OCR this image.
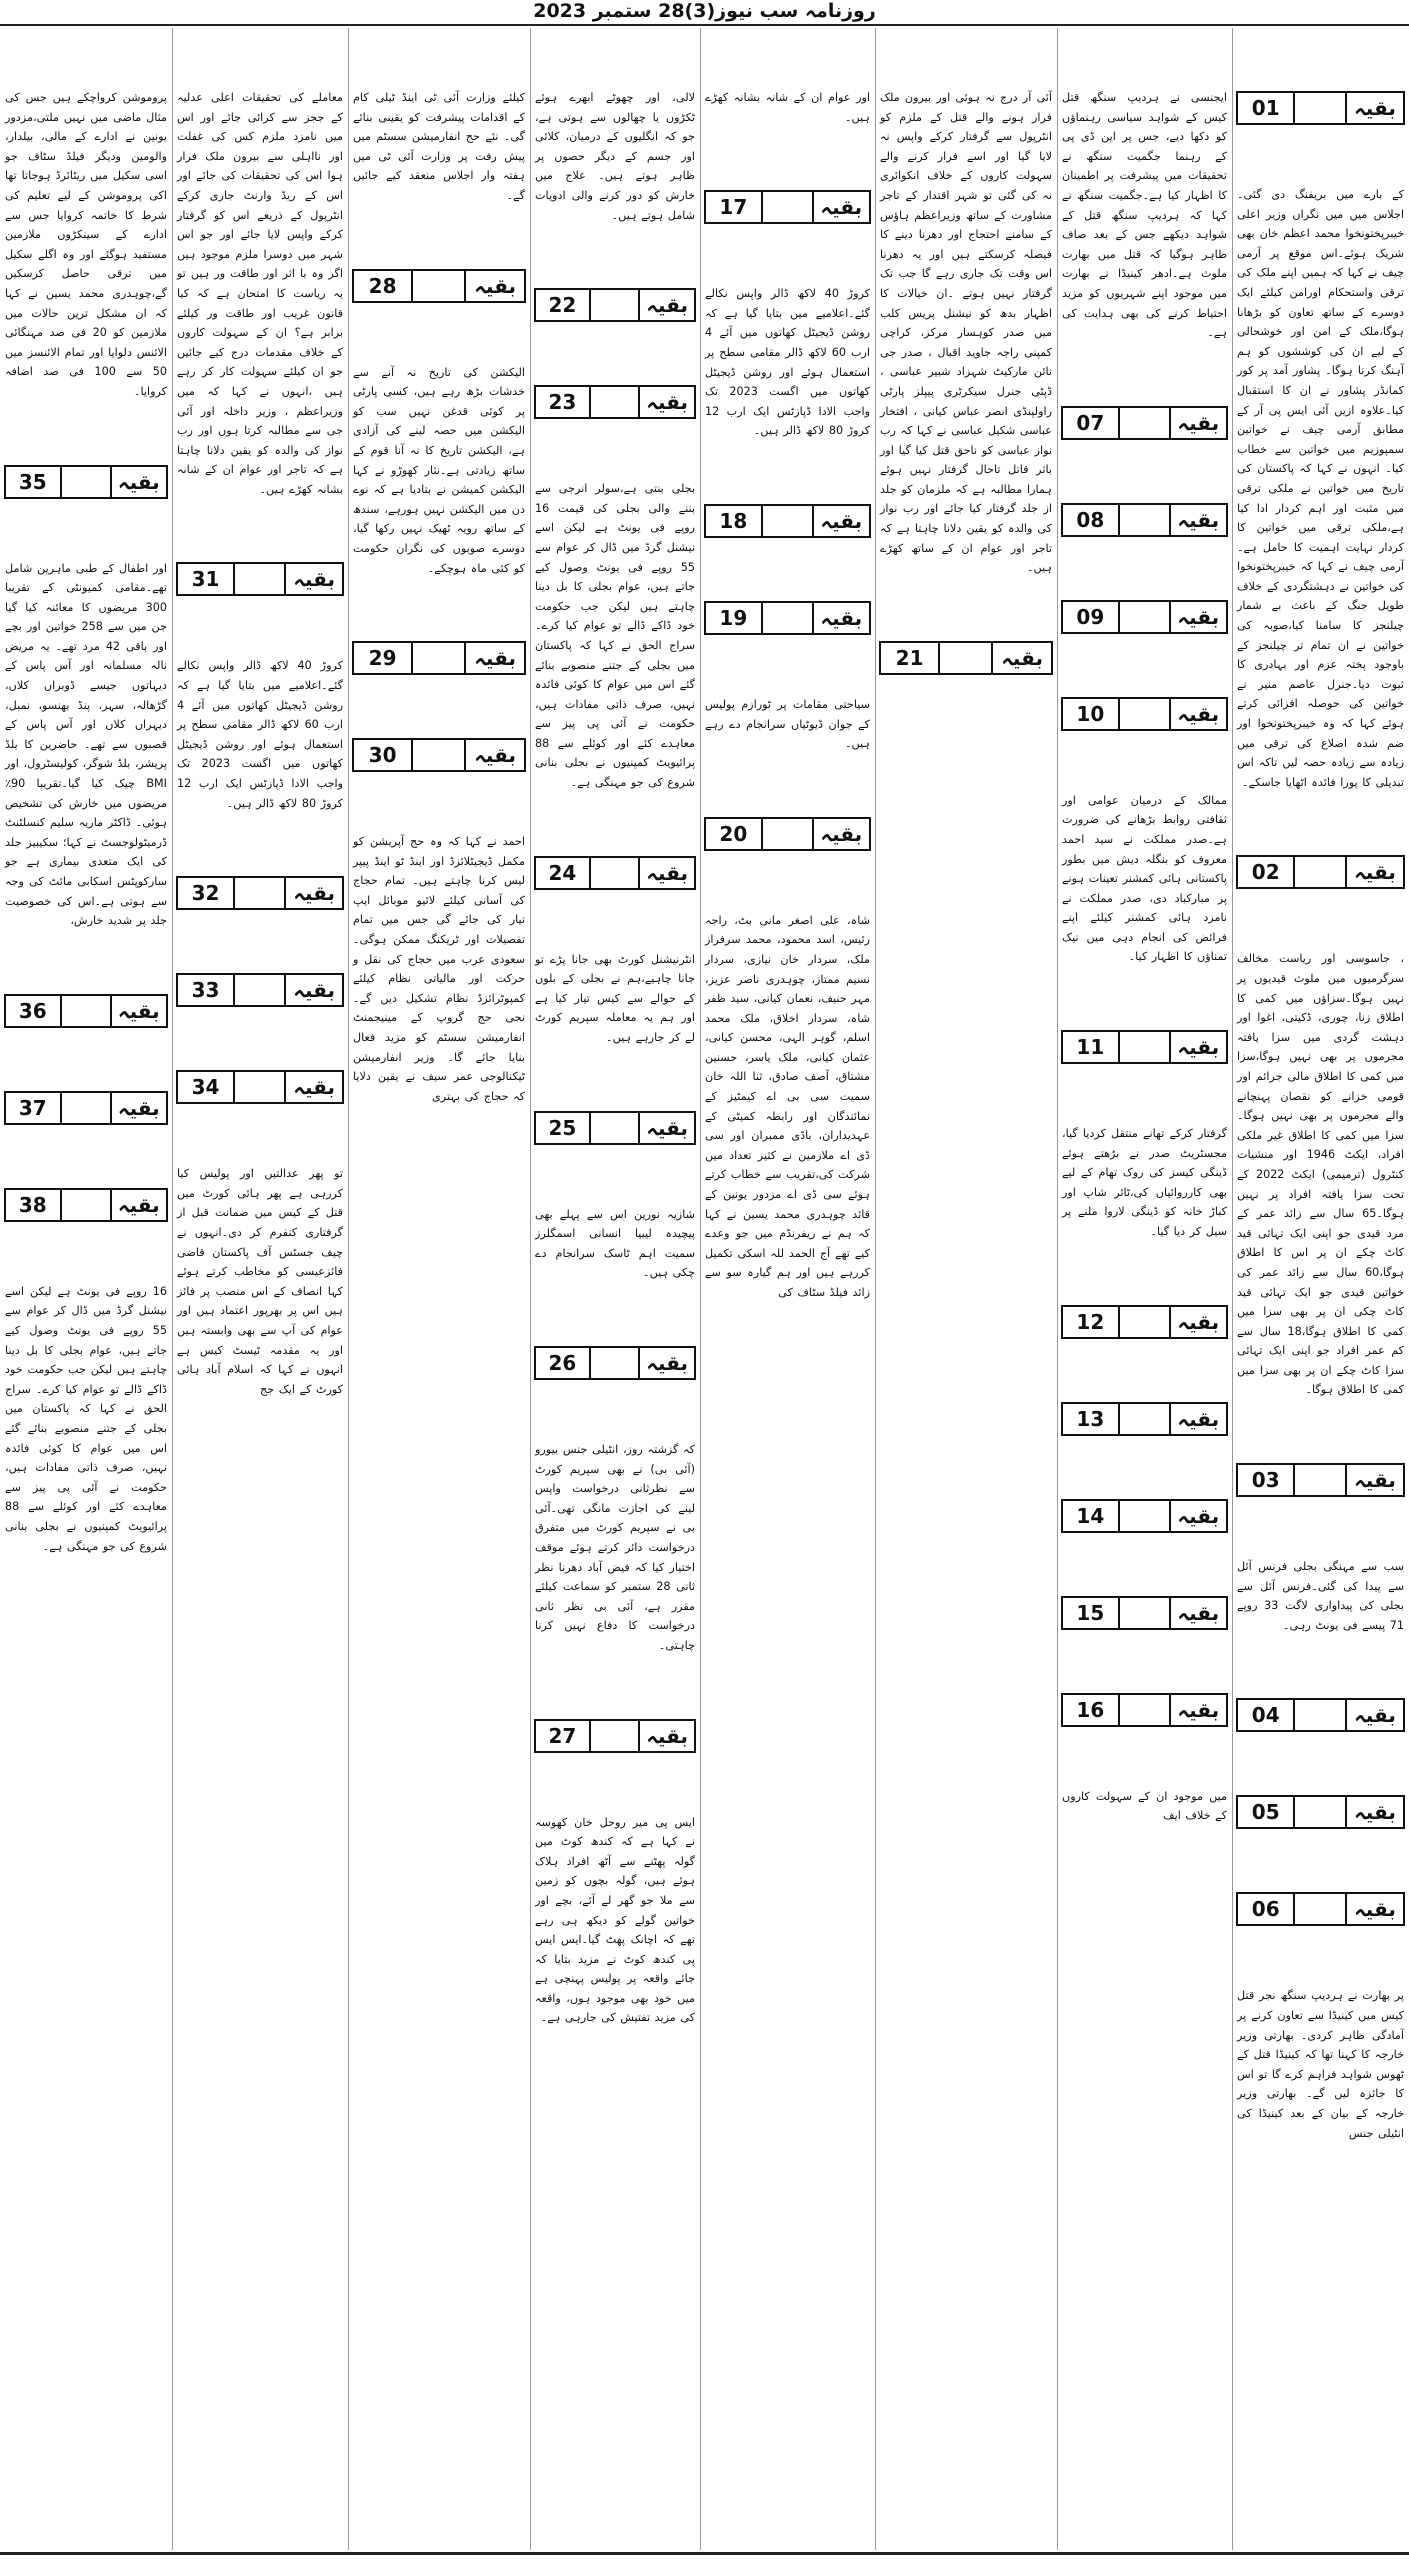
روزنامہ سب نیوز(3)28 ستمبر 2023
بقیہ
01

کے بارے میں بریفنگ دی گئی۔اجلاس میں میں نگراں وزیر اعلی خیبرپختونخوا محمد اعظم خان بھی شریک ہوئے۔اس موقع پر آرمی چیف نے کہا کہ ہمیں اپنے ملک کی ترقی واستحکام اورامن کیلئے ایک دوسرے کے ساتھ تعاون کو بڑھانا ہوگا،ملک کے امن اور خوشحالی کے لیے ان کی کوششوں کو ہم آہنگ کرنا ہوگا۔ پشاور آمد پر کور کمانڈر پشاور نے ان کا استقبال کیا۔علاوہ ازیں آئی ایس پی آر کے مطابق آرمی چیف نے خواتین سمپوزیم میں خواتین سے خطاب کیا۔ انہوں نے کہا کہ پاکستان کی تاریخ میں خواتین نے ملکی ترقی میں مثبت اور اہم کردار ادا کیا ہے،ملکی ترقی میں خواتین کا کردار نہایت اہمیت کا حامل ہے۔آرمی چیف نے کہا کہ خیبرپختونخوا کی خواتین نے دہشتگردی کے خلاف طویل جنگ کے باعث بے شمار چیلنجز کا سامنا کیا،صوبہ کی خواتین نے ان تمام تر چیلنجز کے باوجود پختہ عزم اور بہادری کا ثبوت دیا۔جنرل عاصم منیر نے خواتین کی حوصلہ افزائی کرتے ہوئے کہا کہ وہ خیبرپختونخوا اور ضم شدہ اضلاع کی ترقی میں زیادہ سے زیادہ حصہ لیں تاکہ اس تبدیلی کا پورا فائدہ اٹھایا جاسکے۔

بقیہ
02

، جاسوسی اور ریاست مخالف سرگرمیوں میں ملوث قیدیوں پر نہیں ہوگا۔سزاؤں میں کمی کا اطلاق زنا، چوری، ڈکیتی، اغوا اور دہشت گردی میں سزا یافتہ مجرموں پر بھی نہیں ہوگا،سزا میں کمی کا اطلاق مالی جرائم اور قومی خزانے کو نقصان پہنچانے والے مجرموں پر بھی نہیں ہوگا۔سزا میں کمی کا اطلاق غیر ملکی افراد، ایکٹ 1946 اور منشیات کنٹرول (ترمیمی) ایکٹ 2022 کے تحت سزا یافتہ افراد پر نہیں ہوگا۔65 سال سے زائد عمر کے مرد قیدی جو اپنی ایک تہائی قید کاٹ چکے ان پر اس کا اطلاق ہوگا،60 سال سے زائد عمر کی خواتین قیدی جو ایک تہائی قید کاٹ چکی ان پر بھی سزا میں کمی کا اطلاق ہوگا،18 سال سے کم عمر افراد جو اپنی ایک تہائی سزا کاٹ چکے ان پر بھی سزا میں کمی کا اطلاق ہوگا۔

بقیہ
03

سب سے مہنگی بجلی فرنس آئل سے پیدا کی گئی۔فرنس آئل سے بجلی کی پیداواری لاگت 33 روپے 71 پیسے فی یونٹ رہی۔

بقیہ
04
بقیہ
05
بقیہ
06

پر بھارت نے ہردیپ سنگھ نجر قتل کیس میں کینیڈا سے تعاون کرنے پر آمادگی ظاہر کردی۔ بھارتی وزیر خارجہ کا کہنا تھا کہ کینیڈا قتل کے ٹھوس شواہد فراہم کرے گا تو اس کا جائزہ لیں گے۔ بھارتی وزیر خارجہ کے بیان کے بعد کینیڈا کی انٹیلی جنس

ایجنسی نے ہردیپ سنگھ قتل کیس کے شواہد سیاسی رہنماؤں کو دکھا دیے، جس پر این ڈی پی کے رہنما جگمیت سنگھ نے تحقیقات میں پیشرفت پر اطمینان کا اظہار کیا ہے۔جگمیت سنگھ نے کہا کہ ہردیپ سنگھ قتل کے شواہد دیکھے جس کے بعد صاف ظاہر ہوگیا کہ قتل میں بھارت ملوث ہے۔ادھر کینیڈا نے بھارت میں موجود اپنے شہریوں کو مزید احتیاط کرنے کی بھی ہدایت کی ہے۔

بقیہ
07
بقیہ
08
بقیہ
09
بقیہ
10

ممالک کے درمیان عوامی اور ثقافتی روابط بڑھانے کی ضرورت ہے۔صدر مملکت نے سید احمد معروف کو بنگلہ دیش میں بطور پاکستانی ہائی کمشنر تعینات ہونے پر مبارکباد دی، صدر مملکت نے نامزد ہائی کمشنر کیلئے اپنے فرائض کی انجام دہی میں نیک تمناؤں کا اظہار کیا۔

بقیہ
11

گرفتار کرکے تھانے منتقل کردیا گیا، مجسٹریٹ صدر نے بڑھتے ہوئے ڈینگی کیسز کی روک تھام کے لیے بھی کارروائیاں کی،ٹائر شاپ اور کباڑ خانہ کو ڈینگی لاروا ملنے پر سیل کر دیا گیا۔

بقیہ
12
بقیہ
13
بقیہ
14
بقیہ
15
بقیہ
16

میں موجود ان کے سہولت کاروں کے خلاف ایف

آئی آر درج نہ ہوئی اور بیرون ملک فرار ہونے والے قتل کے ملزم کو انٹرپول سے گرفتار کرکے واپس نہ لایا گیا اور اسے فرار کرنے والے سہولت کاروں کے خلاف انکوائری نہ کی گئی تو شہر اقتدار کے تاجر مشاورت کے ساتھ وزیراعظم ہاؤس کے سامنے احتجاج اور دھرنا دینے کا فیصلہ کرسکتے ہیں اور یہ دھرنا اس وقت تک جاری رہے گا جب تک گرفتار نہیں ہوتے ۔ان خیالات کا اظہار بدھ کو نیشنل پریس کلب میں صدر کوہسار مرکز، کراچی کمپنی راجہ جاوید اقبال ، صدر جی نائن مارکیٹ شہزاد شبیر عباسی ، ڈپٹی جنرل سیکرٹری پیپلز پارٹی راولپنڈی انصر عباس کیانی ، افتخار عباسی شکیل عباسی نے کہا کہ رب نواز عباسی کو ناحق قتل کیا گیا اور باثر قاتل تاحال گرفتار نہیں ہوئے ہمارا مطالبہ ہے کہ ملزمان کو جلد از جلد گرفتار کیا جائے اور رب نواز کی والدہ کو یقین دلانا چاہتا ہے کہ تاجر اور عوام ان کے ساتھ کھڑے ہیں۔

بقیہ
21

اور عوام ان کے شانہ بشانہ کھڑے ہیں۔

بقیہ
17

کروڑ 40 لاکھ ڈالر واپس نکالے گئے۔اعلامیے میں بتایا گیا ہے کہ روشن ڈیجیٹل کھاتوں میں آئے 4 ارب 60 لاکھ ڈالر مقامی سطح پر استعمال ہوئے اور روشن ڈیجیٹل کھاتوں میں اگست 2023 تک واجب الادا ڈپازٹس ایک ارب 12 کروڑ 80 لاکھ ڈالر ہیں۔

بقیہ
18
بقیہ
19

سیاحتی مقامات پر ٹورازم پولیس کے جوان ڈیوٹیاں سرانجام دے رہے ہیں۔

بقیہ
20

شاہ، علی اصغر مانی بٹ، راجہ رئیس، اسد محمود، محمد سرفراز ملک، سردار خان نیازی، سردار نسیم ممتاز، چوہدری ناصر عزیز، مہر حنیف، نعمان کیانی، سید ظفر شاہ، سردار اخلاق، ملک محمد اسلم، گوہر الہی، محسن کیانی، عثمان کیانی، ملک یاسر، حسنین مشتاق، آصف صادق، ثنا اللہ خان سمیت سی بی اے کیمٹیز کے نمائندگان اور رابطہ کمیٹی کے عہدیداران، باڈی ممبران اور سی ڈی اے ملازمین نے کثیر تعداد میں شرکت کی،تقریب سے خطاب کرتے ہوئے سی ڈی اے مزدور یونین کے قائد چوہدری محمد یسین نے کہا کہ ہم نے ریفرنڈم میں جو وعدے کیے تھے آج الحمد للہ اسکی تکمیل کررہے ہیں اور ہم گیارہ سو سے زائد فیلڈ سٹاف کی

لالی، اور چھوٹے ابھرے ہوئے ٹکڑوں یا چھالوں سے ہوتی ہے، جو کہ انگلیوں کے درمیان، کلائی اور جسم کے دیگر حصوں پر ظاہر ہوتے ہیں۔ علاج میں خارش کو دور کرنے والی ادویات شامل ہوتے ہیں۔

بقیہ
22
بقیہ
23

بجلی بنتی ہے،سولر انرجی سے بننے والی بجلی کی قیمت 16 روپے فی یونٹ ہے لیکن اسے نیشنل گرڈ میں ڈال کر عوام سے 55 روپے فی یونٹ وصول کیے جاتے ہیں، عوام بجلی کا بل دینا چاہتے ہیں لیکن جب حکومت خود ڈاکے ڈالے تو عوام کیا کرے۔ سراج الحق نے کہا کہ پاکستان میں بجلی کے جتنے منصوبے بنائے گئے اس میں عوام کا کوئی فائدہ نہیں، صرف ذاتی مفادات ہیں، حکومت نے آئی پی پیز سے معاہدے کئے اور کوئلے سے 88 پرائیویٹ کمپنیوں نے بجلی بنانی شروع کی جو مہنگی ہے۔

بقیہ
24

انٹرنیشنل کورٹ بھی جانا پڑے تو جانا چاہیے،ہم نے بجلی کے بلوں کے حوالے سے کیس تیار کیا ہے اور ہم یہ معاملہ سپریم کورٹ لے کر جارہے ہیں۔

بقیہ
25

شازیہ نورین اس سے پہلے بھی پیچیدہ لیبیا انسانی اسمگلرز سمیت اہم ٹاسک سرانجام دے چکی ہیں۔

بقیہ
26

کہ گزشتہ روز، انٹیلی جنس بیورو (آئی بی) نے بھی سپریم کورٹ سے نظرثانی درخواست واپس لینے کی اجازت مانگی تھی۔آئی بی نے سپریم کورٹ میں متفرق درخواست دائر کرتے ہوئے موقف اختیار کیا کہ فیض آباد دھرنا نظر ثانی 28 ستمبر کو سماعت کیلئے مقرر ہے، آئی بی نظر ثانی درخواست کا دفاع نہیں کرنا چاہتی۔

بقیہ
27

ایس پی میر روحل خان کھوسہ نے کہا ہے کہ کندھ کوٹ میں گولہ پھٹنے سے آٹھ افراد ہلاک ہوئے ہیں، گولہ بچوں کو زمین سے ملا جو گھر لے آئے، بچے اور خواتین گولے کو دیکھ ہی رہے تھے کہ اچانک پھٹ گیا۔ایس ایس پی کندھ کوٹ نے مزید بتایا کہ جائے واقعہ پر پولیس پہنچی ہے میں خود بھی موجود ہوں، واقعہ کی مزید تفتیش کی جارہی ہے۔

کیلئے وزارت آئی ٹی اینڈ ٹیلی کام کے اقدامات پیشرفت کو یقینی بنائے گی۔ نئے حج انفارمیشن سسٹم میں پیش رفت پر وزارت آئی ٹی میں ہفتہ وار اجلاس منعقد کیے جائیں گے۔

بقیہ
28

الیکشن کی تاریخ نہ آنے سے خدشات بڑھ رہے ہیں، کسی پارٹی پر کوئی قدغن نہیں سب کو الیکشن میں حصہ لینے کی آزادی ہے، الیکشن تاریخ کا نہ آنا قوم کے ساتھ زیادتی ہے۔نثار کھوڑو نے کہا الیکشن کمیشن نے بتادیا ہے کہ نوے دن میں الیکشن نہیں ہورہے، سندھ کے ساتھ رویہ ٹھیک نہیں رکھا گیا، دوسرے صوبوں کی نگران حکومت کو کئی ماہ ہوچکے۔

بقیہ
29
بقیہ
30

احمد نے کہا کہ وہ حج آپریشن کو مکمل ڈیجیٹلائزڈ اور اینڈ ٹو اینڈ پیپر لیس کرنا چاہتے ہیں۔ تمام حجاج کی آسانی کیلئے لائیو موبائل ایپ تیار کی جائے گی جس میں تمام تفصیلات اور ٹریکنگ ممکن ہوگی۔ سعودی عرب میں حجاج کی نقل و حرکت اور مالیاتی نظام کیلئے کمپوٹرائزڈ نظام تشکیل دیں گے۔ نجی حج گروپ کے مینیجمنٹ انفارمیشن سسٹم کو مزید فعال بنایا جائے گا۔ وزیر انفارمیشن ٹیکنالوجی عمر سیف نے یقین دلایا کہ حجاج کی بہتری

معاملے کی تحقیقات اعلی عدلیہ کے ججز سے کرائی جائے اور اس میں نامزد ملزم کس کی غفلت اور نااہلی سے بیرون ملک فرار ہوا اس کی تحقیقات کی جائے اور اس کے ریڈ وارنٹ جاری کرکے انٹرپول کے ذریعے اس کو گرفتار کرکے واپس لایا جائے اور جو اس شہر میں دوسرا ملزم موجود ہیں اگر وہ با اثر اور طاقت ور ہیں تو یہ ریاست کا امتحان ہے کہ کیا قانون غریب اور طاقت ور کیلئے برابر ہے؟ ان کے سہولت کاروں کے خلاف مقدمات درج کیے جائیں جو ان کیلئے سہولت کار کر رہے ہیں ،انہوں نے کہا کہ میں وزیراعظم ، وزیر داخلہ اور آئی جی سے مطالبہ کرتا ہوں اور رب نواز کی والدہ کو یقین دلانا چاہتا ہے کہ تاجر اور عوام ان کے شانہ بشانہ کھڑے ہیں۔

بقیہ
31

کروڑ 40 لاکھ ڈالر واپس نکالے گئے۔اعلامیے میں بتایا گیا ہے کہ روشن ڈیجیٹل کھاتوں میں آئے 4 ارب 60 لاکھ ڈالر مقامی سطح پر استعمال ہوئے اور روشن ڈیجیٹل کھاتوں میں اگست 2023 تک واجب الادا ڈپازٹس ایک ارب 12 کروڑ 80 لاکھ ڈالر ہیں۔

بقیہ
32
بقیہ
33
بقیہ
34

تو پھر عدالتیں اور پولیس کیا کررہی ہے پھر ہائی کورٹ میں قتل کے کیس میں ضمانت قبل از گرفتاری کنفرم کر دی۔انہوں نے چیف جسٹس آف پاکستان قاضی فائزعیسی کو مخاطب کرتے ہوئے کہا انصاف کے اس منصب پر فائز ہیں اس پر بھرپور اعتماد ہیں اور عوام کی آپ سے بھی وابستہ ہیں اور یہ مقدمہ ٹیسٹ کیس ہے انہوں نے کہا کہ اسلام آباد ہائی کورٹ کے ایک جج

پروموشن کرواچکے ہیں جس کی مثال ماضی میں نہیں ملتی،مزدور یونین نے ادارے کے مالی، بیلدار، والومین ودیگر فیلڈ سٹاف جو اسی سکیل میں ریٹائرڈ ہوجاتا تھا اکی پروموشن کے لیے تعلیم کی شرط کا خاتمہ کروایا جس سے ادارے کے سینکڑوں ملازمین مستفید ہوگئے اور وہ اگلے سکیل میں ترقی حاصل کرسکیں گے،چوہدری محمد یسین نے کہا کہ ان مشکل ترین حالات میں ملازمین کو 20 فی صد مہنگائی الائنس دلوایا اور تمام الائنسز میں 50 سے 100 فی صد اضافہ کروایا۔

بقیہ
35

اور اطفال کے طبی ماہرین شامل تھے۔مقامی کمیونٹی کے تقریبا 300 مریضوں کا معائنہ کیا گیا جن میں سے 258 خواتین اور بچے اور باقی 42 مرد تھے۔ یہ مریض نالہ مسلمانہ اور آس پاس کے دیہاتوں جیسے ڈوبراں کلاں، گڑھالہ، سہر، پنڈ بھنسو، نمبل، دیہراں کلاں اور آس پاس کے قصبوں سے تھے۔ حاضرین کا بلڈ پریشر، بلڈ شوگر، کولیسٹرول، اور BMI چیک کیا گیا۔تقریبا 90٪ مریضوں میں خارش کی تشخیص ہوئی۔ ڈاکٹر ماریہ سلیم کنسلٹنٹ ڈرمیٹولوجسٹ نے کہا؛ سکیبیز جلد کی ایک متعدی بیماری ہے جو سارکوپٹس اسکابی مائٹ کی وجہ سے ہوتی ہے۔اس کی خصوصیت جلد پر شدید خارش،

بقیہ
36
بقیہ
37
بقیہ
38

16 روپے فی یونٹ ہے لیکن اسے نیشنل گرڈ میں ڈال کر عوام سے 55 روپے فی یونٹ وصول کیے جاتے ہیں، عوام بجلی کا بل دینا چاہتے ہیں لیکن جب حکومت خود ڈاکے ڈالے تو عوام کیا کرے۔ سراج الحق نے کہا کہ پاکستان میں بجلی کے جتنے منصوبے بنائے گئے اس میں عوام کا کوئی فائدہ نہیں، صرف ذاتی مفادات ہیں، حکومت نے آئی پی پیز سے معاہدے کئے اور کوئلے سے 88 پرائیویٹ کمپنیوں نے بجلی بنانی شروع کی جو مہنگی ہے۔
